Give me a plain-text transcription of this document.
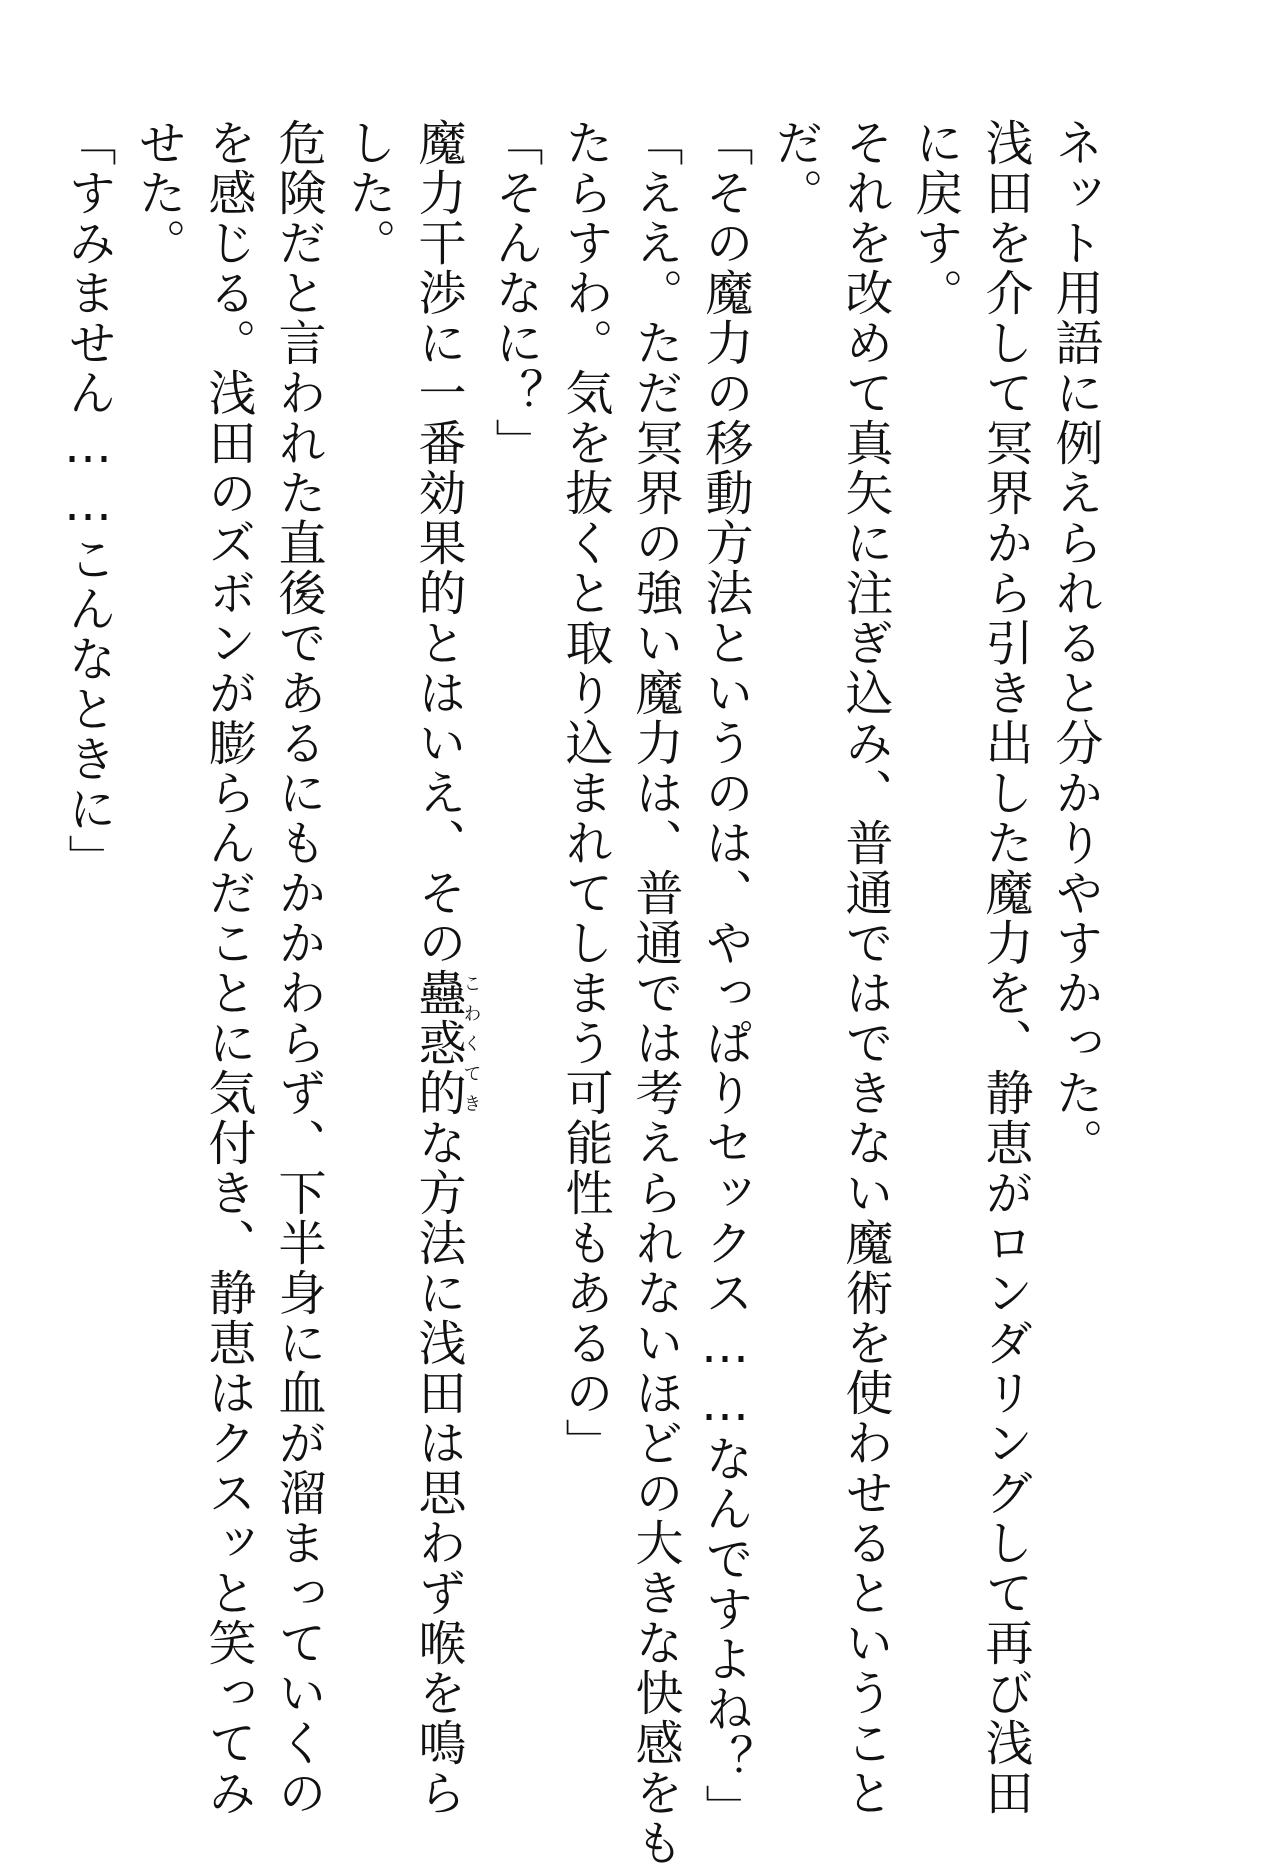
ネット用語に例えられると分かりやすかった。

浅田を介して冥界から引き出した魔力を、静恵がロンダリングして再び浅田

に戻す。

それを改めて真矢に注ぎ込み、普通ではできない魔術を使わせるということ

だ。

「その魔力の移動方法というのは、やっぱりセックス……なんですよね？」

「ええ。ただ冥界の強い魔力は、普通では考えられないほどの大きな快感をも

たらすわ。気を抜くと取り込まれてしまう可能性もあるの」

「そんなに？」

魔力干渉に一番効果的とはいえ、その蠱惑的こわくてきな方法に浅田は思わず喉を鳴ら

した。

危険だと言われた直後であるにもかかわらず、下半身に血が溜まっていくの

を感じる。浅田のズボンが膨らんだことに気付き、静恵はクスッと笑ってみ

せた。

「すみません……こんなときに」
